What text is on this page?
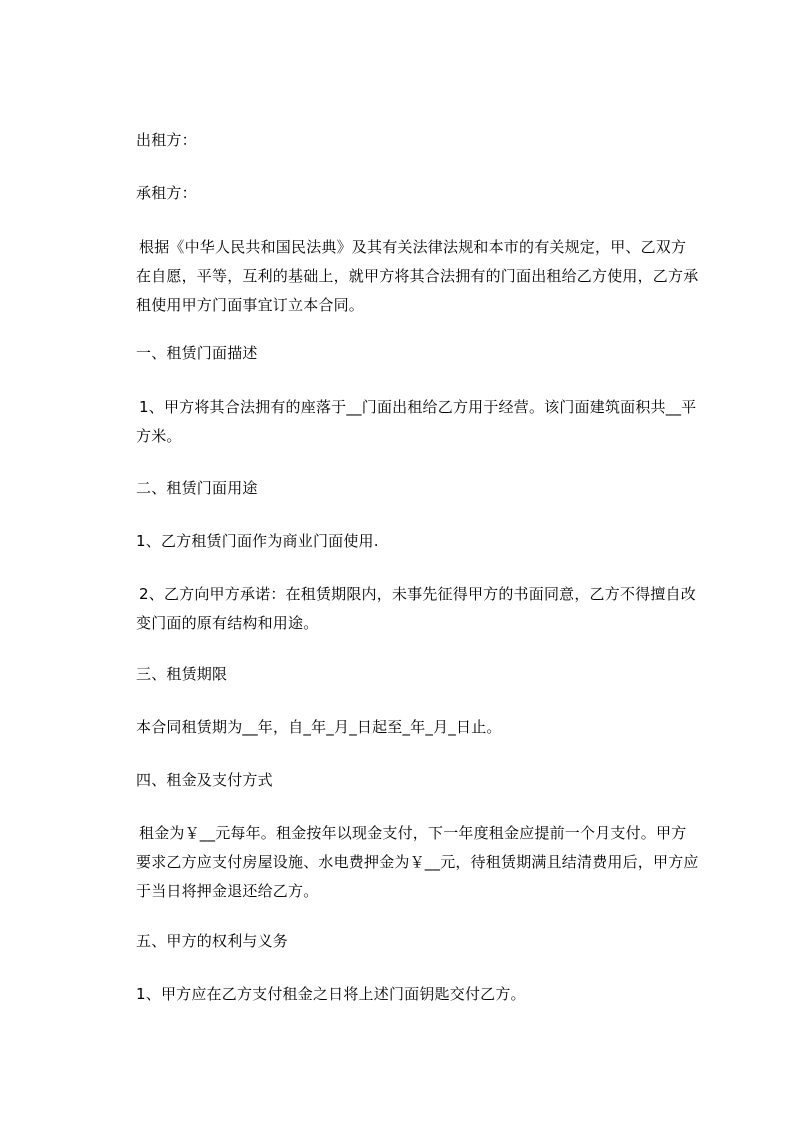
出租方：

承租方：

根据《中华人民共和国民法典》及其有关法律法规和本市的有关规定，甲、乙双方在自愿，平等，互利的基础上，就甲方将其合法拥有的门面出租给乙方使用，乙方承租使用甲方门面事宜订立本合同。

一、租赁门面描述

1、甲方将其合法拥有的座落于__门面出租给乙方用于经营。该门面建筑面积共__平方米。

二、租赁门面用途

1、乙方租赁门面作为商业门面使用.

2、乙方向甲方承诺：在租赁期限内，未事先征得甲方的书面同意，乙方不得擅自改变门面的原有结构和用途。

三、租赁期限

本合同租赁期为__年，自_年_月_日起至_年_月_日止。

四、租金及支付方式

租金为￥__元每年。租金按年以现金支付，下一年度租金应提前一个月支付。甲方要求乙方应支付房屋设施、水电费押金为￥__元，待租赁期满且结清费用后，甲方应于当日将押金退还给乙方。

五、甲方的权利与义务

1、甲方应在乙方支付租金之日将上述门面钥匙交付乙方。
